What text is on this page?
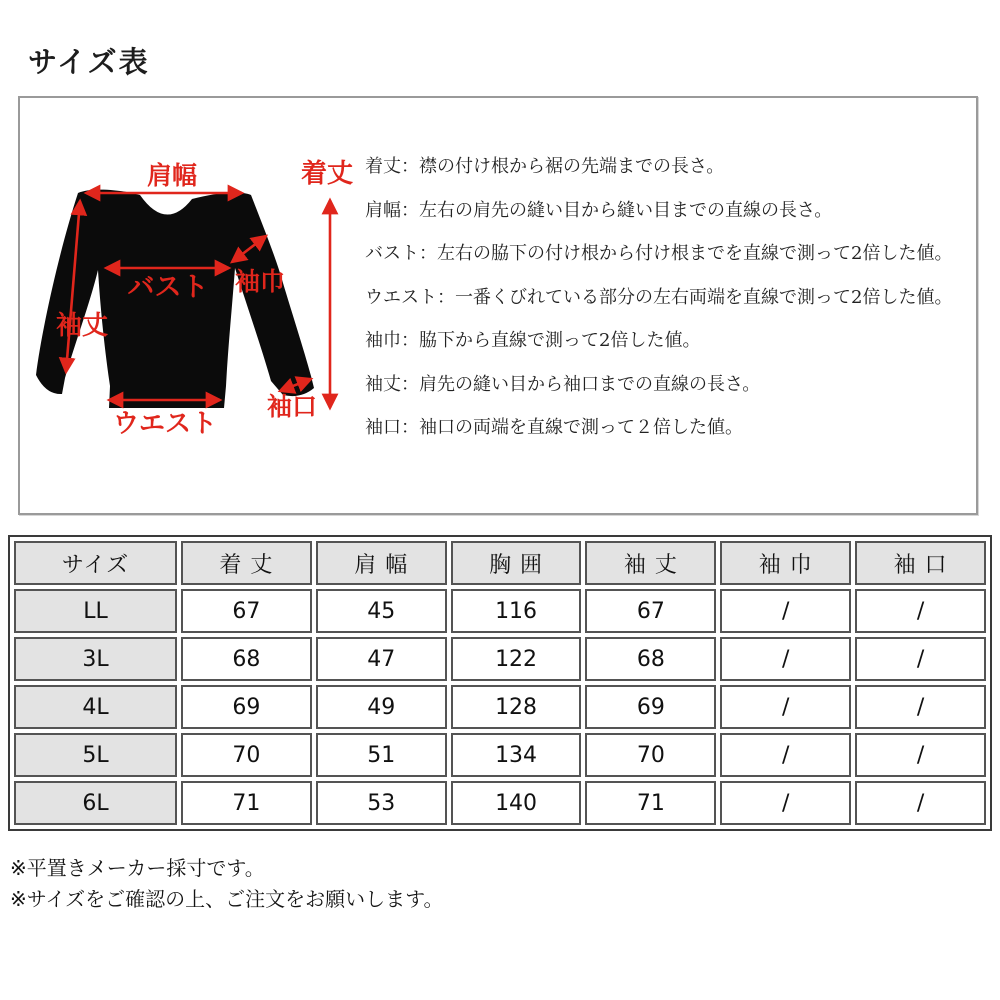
サイズ表
肩幅	着丈
バスト 袖巾
袖丈
ウエスト
袖口
着丈：襟の付け根から裾の先端までの長さ。
肩幅：左右の肩先の縫い目から縫い目までの直線の長さ。
バスト：左右の脇下の付け根から付け根までを直線で測って2倍した値。
ウエスト：一番くびれている部分の左右両端を直線で測って2倍した値。
袖巾：脇下から直線で測って2倍した値。
袖丈：肩先の縫い目から袖口までの直線の長さ。
袖口：袖口の両端を直線で測って２倍した値。
サイズ	着 丈	肩 幅	胸 囲	袖 丈	袖 巾	袖 口
LL	67	45	116	67	/	/
3L	68	47	122	68	/	/
4L	69	49	128	69	/	/
5L	70	51	134	70	/	/
6L	71	53	140	71	/	/

※平置きメーカー採寸です。

※サイズをご確認の上、ご注文をお願いします。
